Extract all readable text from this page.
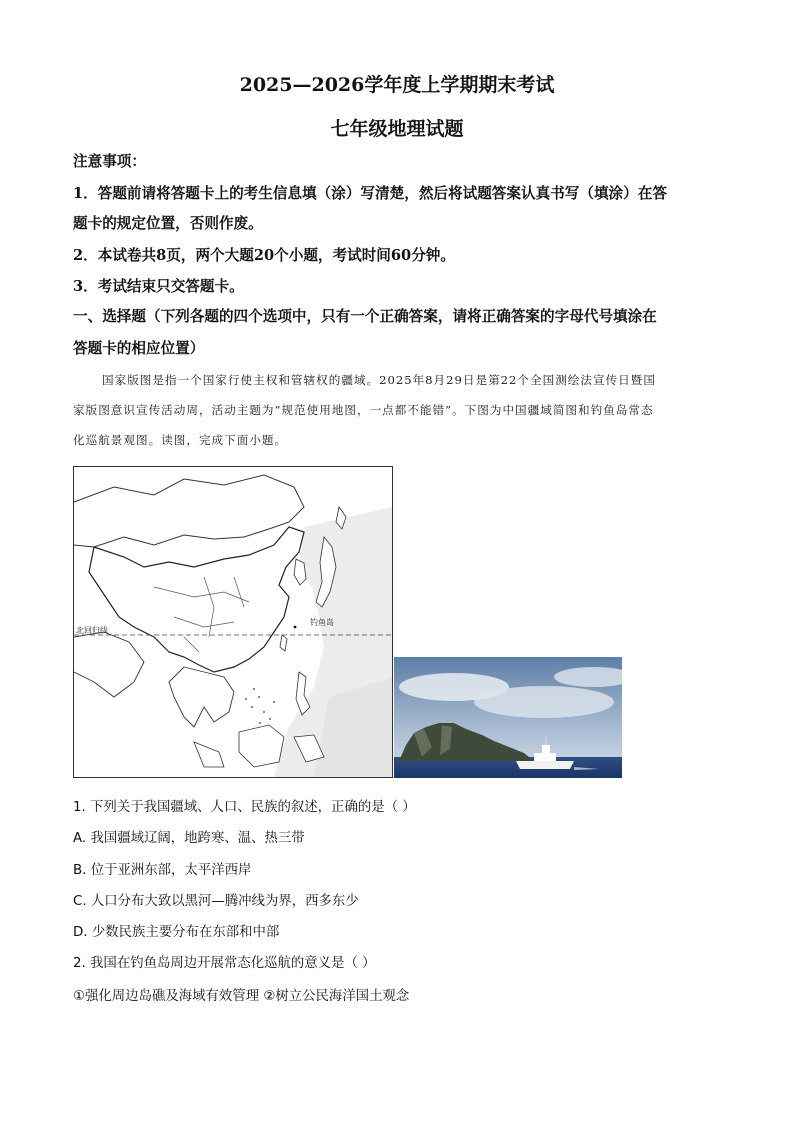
2025—2026学年度上学期期末考试
七年级地理试题
注意事项：
1．答题前请将答题卡上的考生信息填（涂）写清楚，然后将试题答案认真书写（填涂）在答
题卡的规定位置，否则作废。
2．本试卷共8页，两个大题20个小题，考试时间60分钟。
3．考试结束只交答题卡。
一、选择题（下列各题的四个选项中，只有一个正确答案，请将正确答案的字母代号填涂在
答题卡的相应位置）
国家版图是指一个国家行使主权和管辖权的疆域。2025年8月29日是第22个全国测绘法宣传日暨国
家版图意识宣传活动周，活动主题为“规范使用地图，一点都不能错”。下图为中国疆域简图和钓鱼岛常态
化巡航景观图。读图，完成下面小题。
钓鱼岛
北回归线
1. 下列关于我国疆域、人口、民族的叙述，正确的是（ ）
A. 我国疆域辽阔，地跨寒、温、热三带
B. 位于亚洲东部，太平洋西岸
C. 人口分布大致以黑河—腾冲线为界，西多东少
D. 少数民族主要分布在东部和中部
2. 我国在钓鱼岛周边开展常态化巡航的意义是（ ）
①强化周边岛礁及海域有效管理 ②树立公民海洋国土观念
